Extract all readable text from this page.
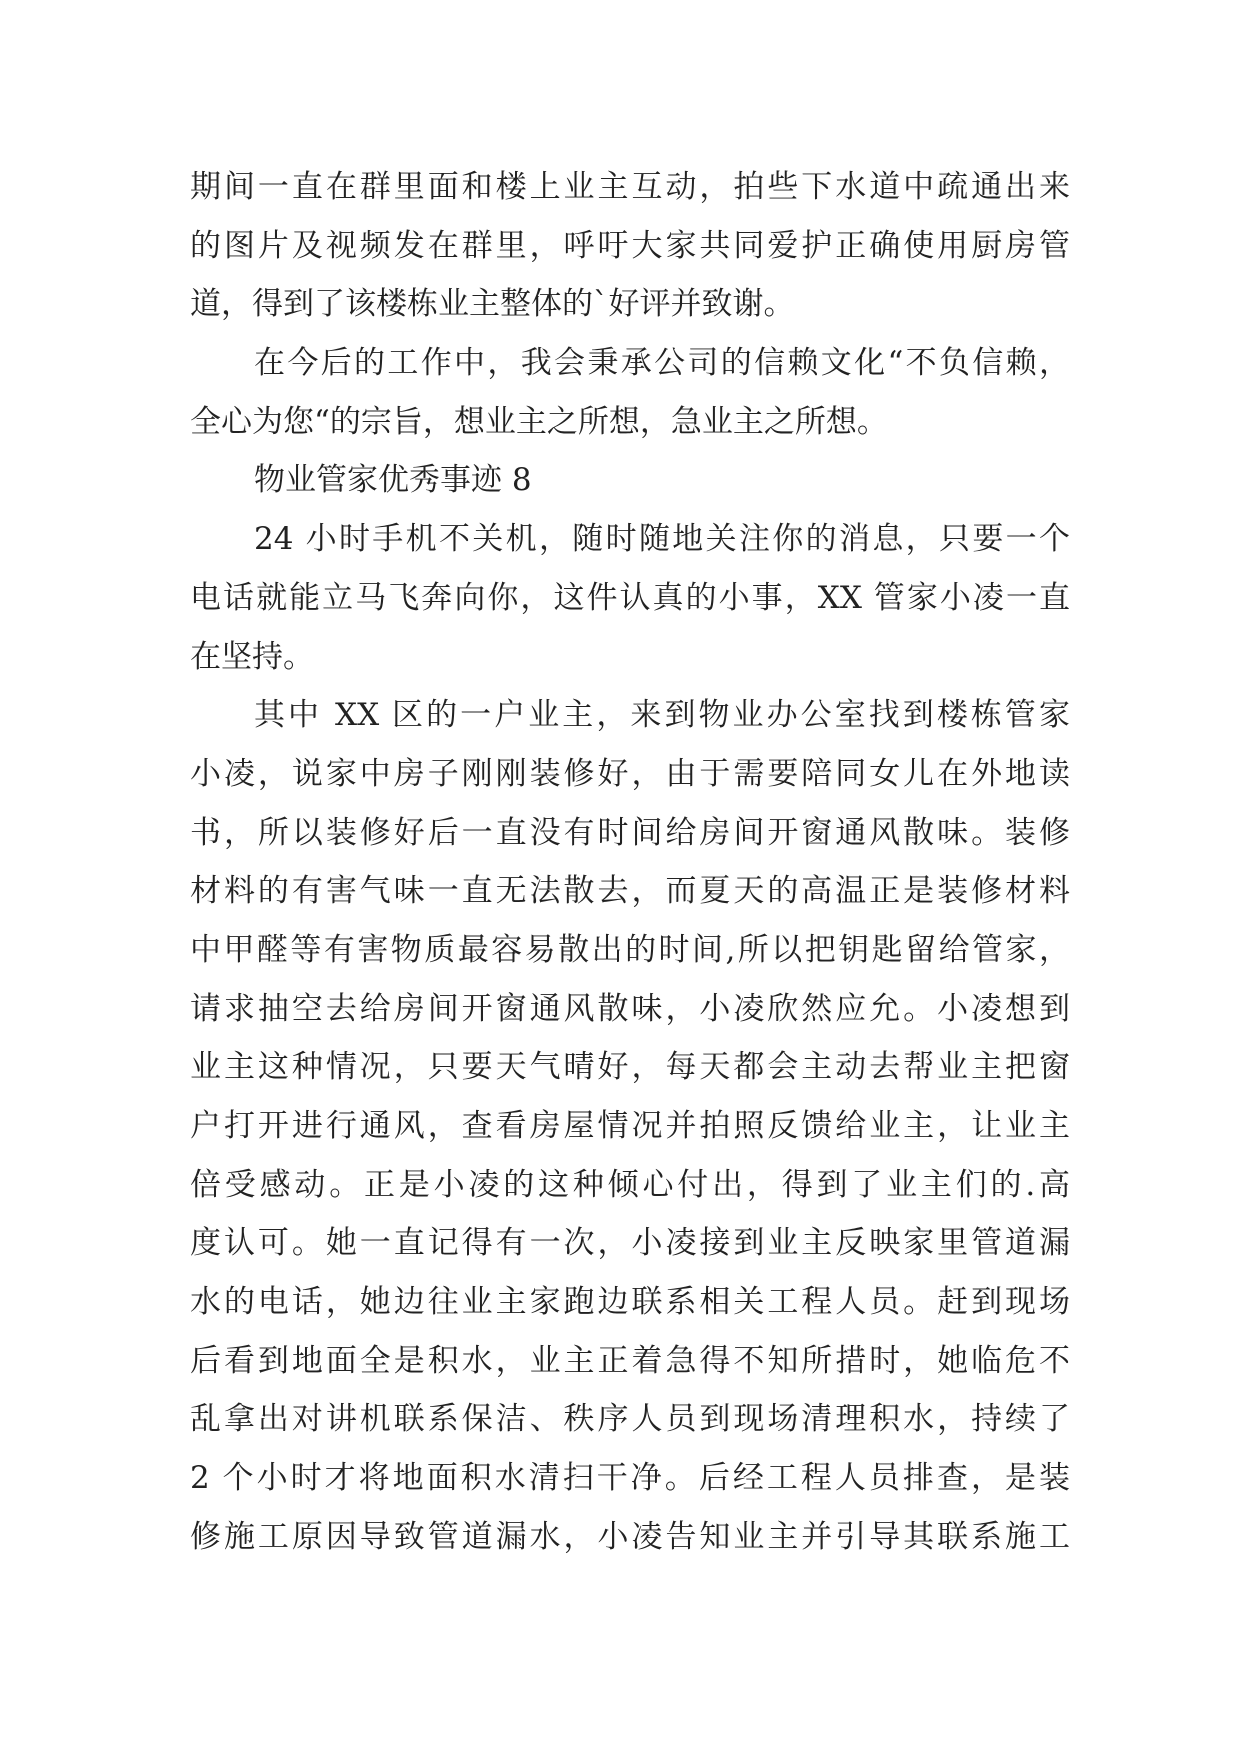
期间一直在群里面和楼上业主互动，拍些下水道中疏通出来
的图片及视频发在群里，呼吁大家共同爱护正确使用厨房管
道，得到了该楼栋业主整体的`好评并致谢。
在今后的工作中，我会秉承公司的信赖文化“不负信赖，
全心为您“的宗旨，想业主之所想，急业主之所想。
物业管家优秀事迹 8
24 小时手机不关机，随时随地关注你的消息，只要一个
电话就能立马飞奔向你，这件认真的小事，XX 管家小凌一直
在坚持。
其中 XX 区的一户业主，来到物业办公室找到楼栋管家
小凌，说家中房子刚刚装修好，由于需要陪同女儿在外地读
书，所以装修好后一直没有时间给房间开窗通风散味。装修
材料的有害气味一直无法散去，而夏天的高温正是装修材料
中甲醛等有害物质最容易散出的时间,所以把钥匙留给管家，
请求抽空去给房间开窗通风散味，小凌欣然应允。小凌想到
业主这种情况，只要天气晴好，每天都会主动去帮业主把窗
户打开进行通风，查看房屋情况并拍照反馈给业主，让业主
倍受感动。正是小凌的这种倾心付出，得到了业主们的.高
度认可。她一直记得有一次，小凌接到业主反映家里管道漏
水的电话，她边往业主家跑边联系相关工程人员。赶到现场
后看到地面全是积水，业主正着急得不知所措时，她临危不
乱拿出对讲机联系保洁、秩序人员到现场清理积水，持续了
2 个小时才将地面积水清扫干净。后经工程人员排查，是装
修施工原因导致管道漏水，小凌告知业主并引导其联系施工
